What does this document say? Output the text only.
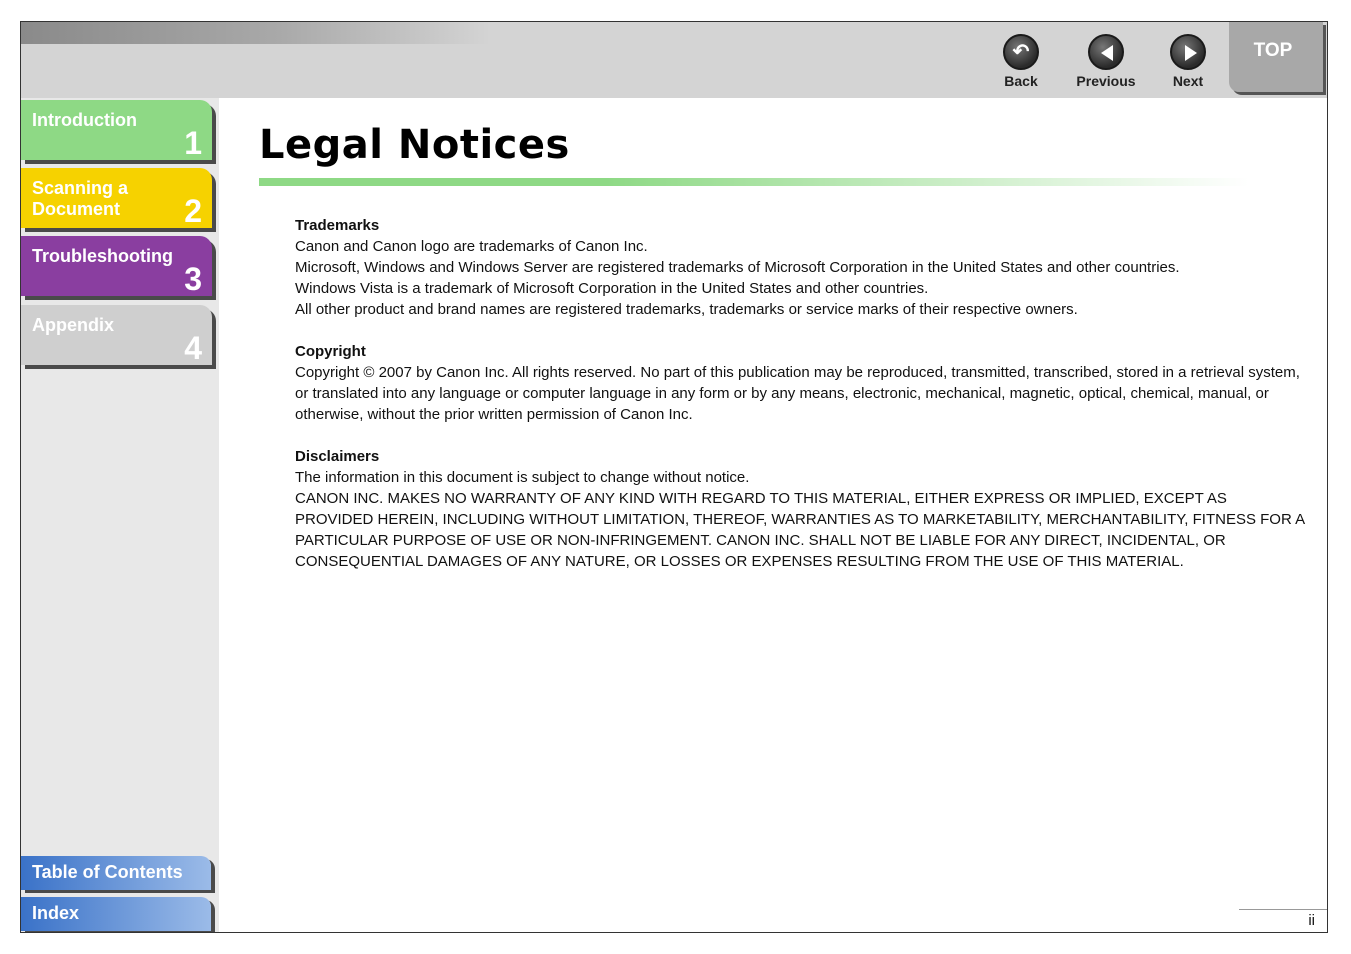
↶
Back	Previous	Next
TOP
Introduction
1
Scanning a
Document 2
Troubleshooting
3
Appendix
4
Table of Contents
Index
Legal Notices
Trademarks
Canon and Canon logo are trademarks of Canon Inc.
Microsoft, Windows and Windows Server are registered trademarks of Microsoft Corporation in the United States and other countries.
Windows Vista is a trademark of Microsoft Corporation in the United States and other countries.
All other product and brand names are registered trademarks, trademarks or service marks of their respective owners.
Copyright
Copyright © 2007 by Canon Inc. All rights reserved. No part of this publication may be reproduced, transmitted, transcribed, stored in a retrieval system, or translated into any language or computer language in any form or by any means, electronic, mechanical, magnetic, optical, chemical, manual, or otherwise, without the prior written permission of Canon Inc.
Disclaimers
The information in this document is subject to change without notice.
CANON INC. MAKES NO WARRANTY OF ANY KIND WITH REGARD TO THIS MATERIAL, EITHER EXPRESS OR IMPLIED, EXCEPT AS PROVIDED HEREIN, INCLUDING WITHOUT LIMITATION, THEREOF, WARRANTIES AS TO MARKETABILITY, MERCHANTABILITY, FITNESS FOR A PARTICULAR PURPOSE OF USE OR NON-INFRINGEMENT. CANON INC. SHALL NOT BE LIABLE FOR ANY DIRECT, INCIDENTAL, OR CONSEQUENTIAL DAMAGES OF ANY NATURE, OR LOSSES OR EXPENSES RESULTING FROM THE USE OF THIS MATERIAL.
ii
